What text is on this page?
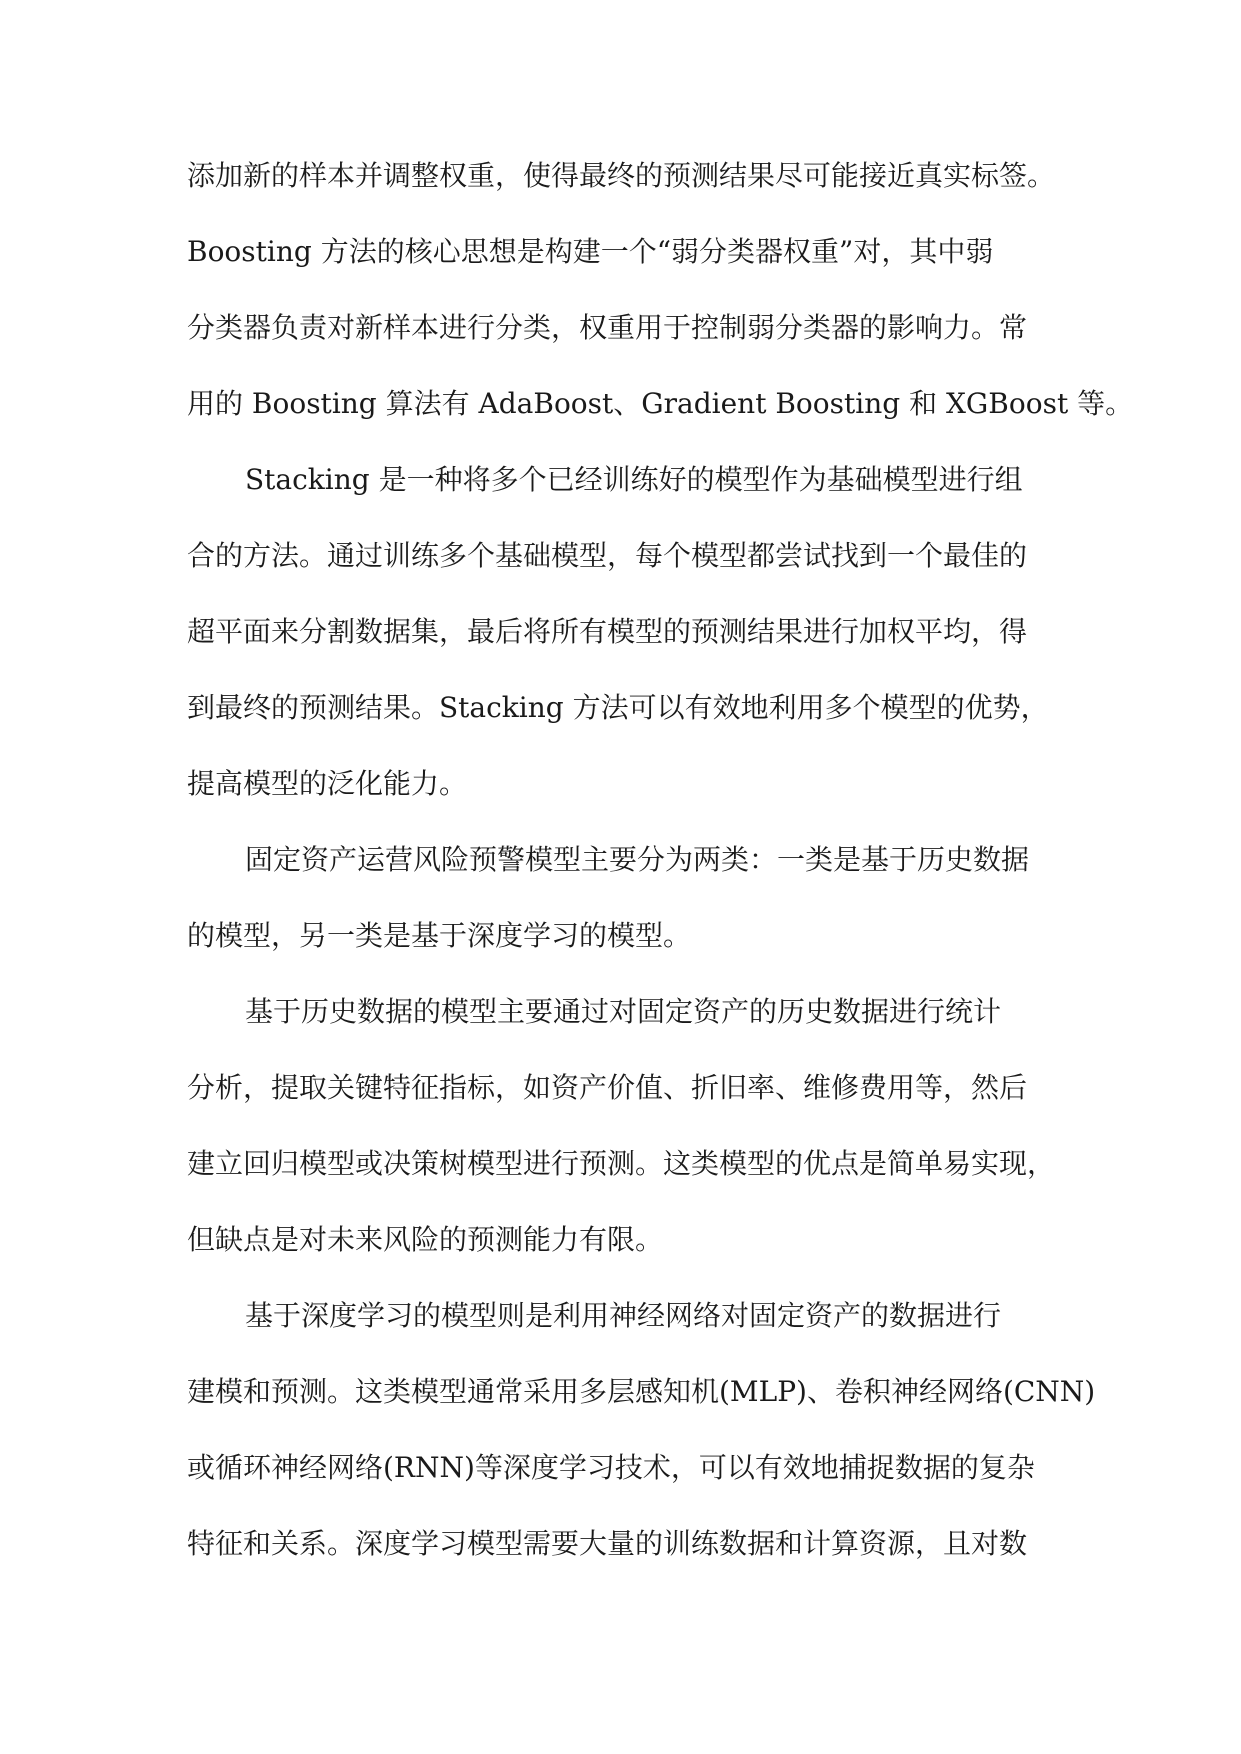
添加新的样本并调整权重，使得最终的预测结果尽可能接近真实标签。
Boosting 方法的核心思想是构建一个“弱分类器权重”对，其中弱
分类器负责对新样本进行分类，权重用于控制弱分类器的影响力。常
用的 Boosting 算法有 AdaBoost、Gradient Boosting 和 XGBoost 等。
Stacking 是一种将多个已经训练好的模型作为基础模型进行组
合的方法。通过训练多个基础模型，每个模型都尝试找到一个最佳的
超平面来分割数据集，最后将所有模型的预测结果进行加权平均，得
到最终的预测结果。Stacking 方法可以有效地利用多个模型的优势，
提高模型的泛化能力。
固定资产运营风险预警模型主要分为两类：一类是基于历史数据
的模型，另一类是基于深度学习的模型。
基于历史数据的模型主要通过对固定资产的历史数据进行统计
分析，提取关键特征指标，如资产价值、折旧率、维修费用等，然后
建立回归模型或决策树模型进行预测。这类模型的优点是简单易实现，
但缺点是对未来风险的预测能力有限。
基于深度学习的模型则是利用神经网络对固定资产的数据进行
建模和预测。这类模型通常采用多层感知机(MLP)、卷积神经网络(CNN)
或循环神经网络(RNN)等深度学习技术，可以有效地捕捉数据的复杂
特征和关系。深度学习模型需要大量的训练数据和计算资源，且对数
